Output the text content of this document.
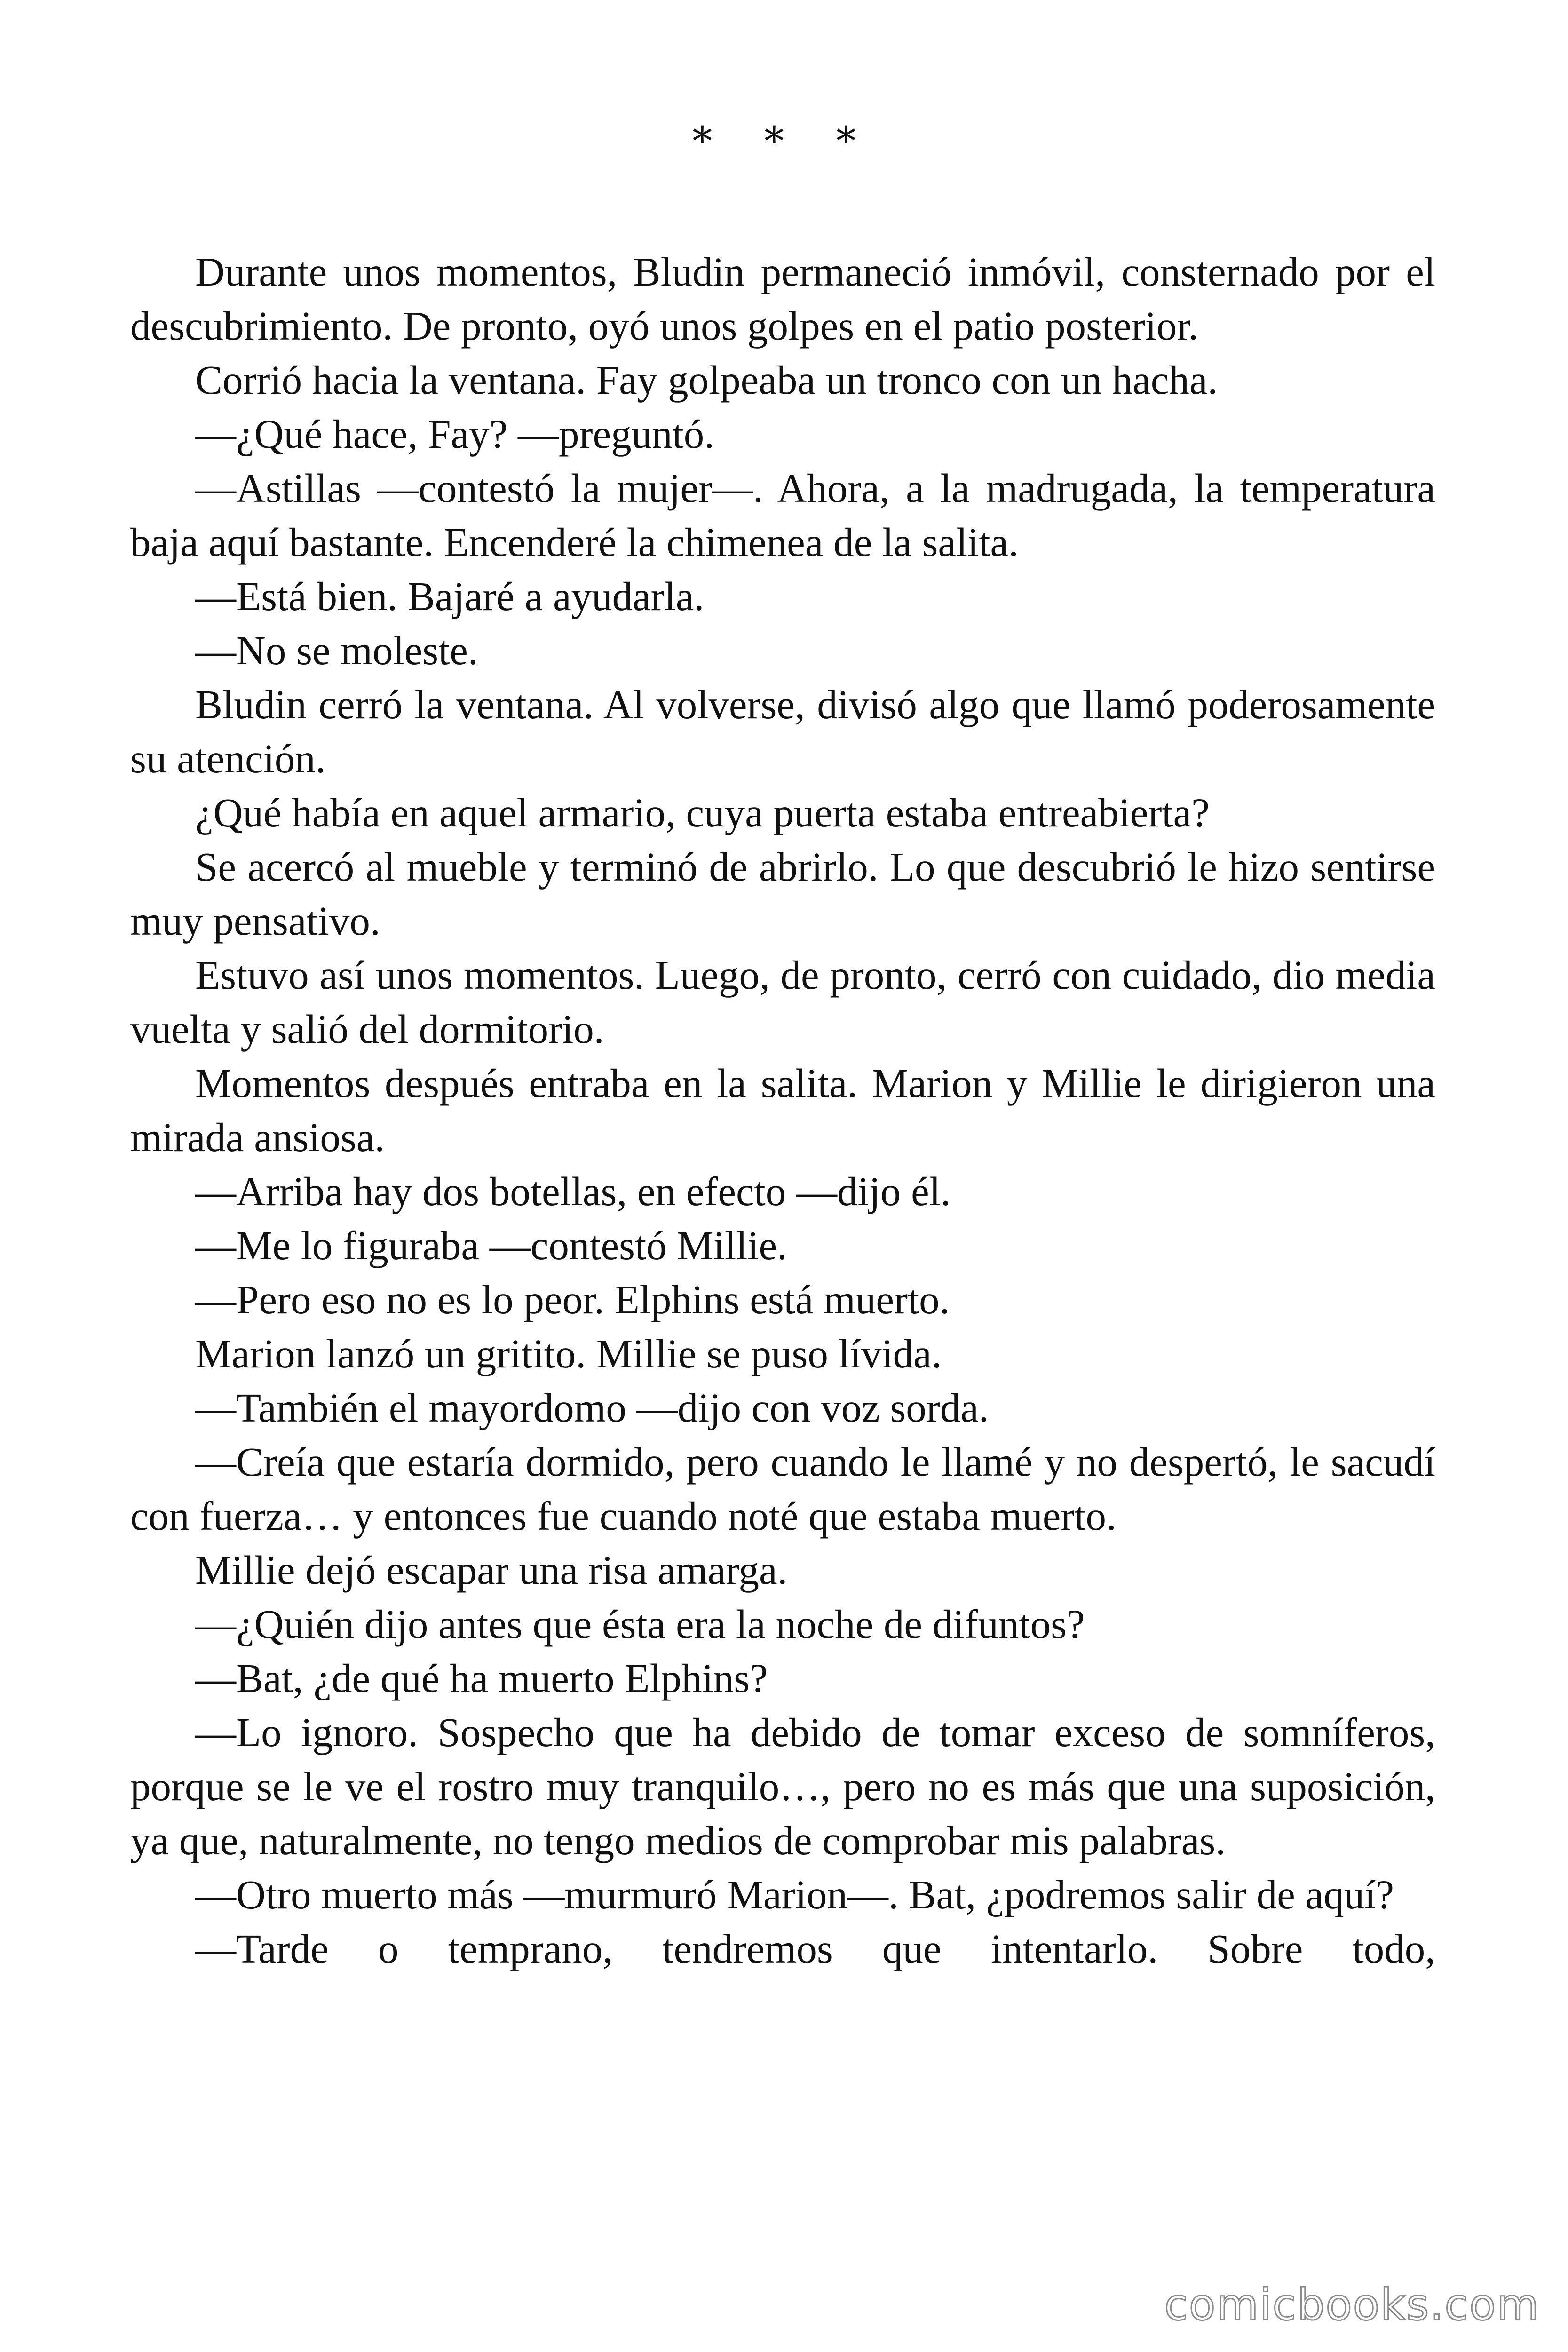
* * *

Durante unos momentos, Bludin permaneció inmóvil, consternado por el descubrimiento. De pronto, oyó unos golpes en el patio posterior.

Corrió hacia la ventana. Fay golpeaba un tronco con un hacha.

—¿Qué hace, Fay? —preguntó.

—Astillas —contestó la mujer—. Ahora, a la madrugada, la temperatura baja aquí bastante. Encenderé la chimenea de la salita.

—Está bien. Bajaré a ayudarla.

—No se moleste.

Bludin cerró la ventana. Al volverse, divisó algo que llamó poderosamente su atención.

¿Qué había en aquel armario, cuya puerta estaba entreabierta?

Se acercó al mueble y terminó de abrirlo. Lo que descubrió le hizo sentirse muy pensativo.

Estuvo así unos momentos. Luego, de pronto, cerró con cuidado, dio media vuelta y salió del dormitorio.

Momentos después entraba en la salita. Marion y Millie le dirigieron una mirada ansiosa.

—Arriba hay dos botellas, en efecto —dijo él.

—Me lo figuraba —contestó Millie.

—Pero eso no es lo peor. Elphins está muerto.

Marion lanzó un gritito. Millie se puso lívida.

—También el mayordomo —dijo con voz sorda.

—Creía que estaría dormido, pero cuando le llamé y no despertó, le sacudí con fuerza… y entonces fue cuando noté que estaba muerto.

Millie dejó escapar una risa amarga.

—¿Quién dijo antes que ésta era la noche de difuntos?

—Bat, ¿de qué ha muerto Elphins?

—Lo ignoro. Sospecho que ha debido de tomar exceso de somníferos, porque se le ve el rostro muy tranquilo…, pero no es más que una suposición, ya que, naturalmente, no tengo medios de comprobar mis palabras.

—Otro muerto más —murmuró Marion—. Bat, ¿podremos salir de aquí?

—Tarde o temprano, tendremos que intentarlo. Sobre todo,

comicbooks.com
